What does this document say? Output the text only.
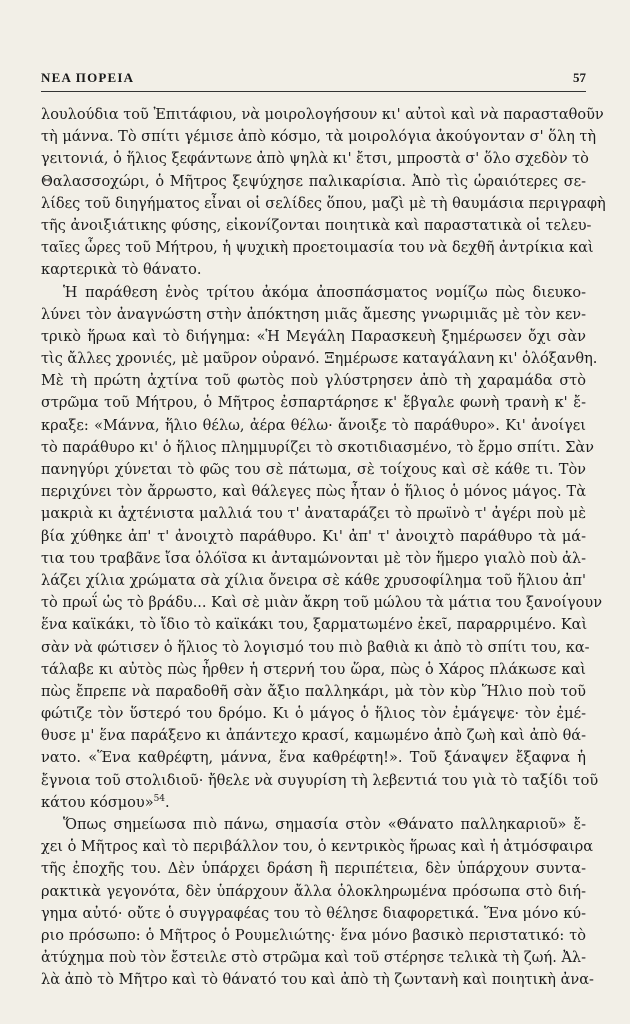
ΝΕΑ ΠΟΡΕΙΑ	57
λουλούδια τοῦ Ἐπιτάφιου, νὰ μοιρολογήσουν κι' αὐτοὶ καὶ νὰ παρασταθοῦν
τὴ μάννα. Τὸ σπίτι γέμισε ἀπὸ κόσμο, τὰ μοιρολόγια ἀκούγονταν σ' ὅλη τὴ
γειτονιά, ὁ ἥλιος ξεφάντωνε ἀπὸ ψηλὰ κι' ἔτσι, μπροστὰ σ' ὅλο σχεδὸν τὸ
Θαλασσοχώρι, ὁ Μῆτρος ξεψύχησε παλικαρίσια. Ἀπὸ τὶς ὡραιότερες σε-
λίδες τοῦ διηγήματος εἶναι οἱ σελίδες ὅπου, μαζὶ μὲ τὴ θαυμάσια περιγραφὴ
τῆς ἀνοιξιάτικης φύσης, εἰκονίζονται ποιητικὰ καὶ παραστατικὰ οἱ τελευ-
ταῖες ὧρες τοῦ Μήτρου, ἡ ψυχικὴ προετοιμασία του νὰ δεχθῆ ἀντρίκια καὶ
καρτερικὰ τὸ θάνατο.
Ἡ παράθεση ἑνὸς τρίτου ἀκόμα ἀποσπάσματος νομίζω πὼς διευκο-
λύνει τὸν ἀναγνώστη στὴν ἀπόκτηση μιᾶς ἄμεσης γνωριμιᾶς μὲ τὸν κεν-
τρικὸ ἥρωα καὶ τὸ διήγημα: «Ἡ Μεγάλη Παρασκευὴ ξημέρωσεν ὄχι σὰν
τὶς ἄλλες χρονιές, μὲ μαῦρον οὐρανό. Ξημέρωσε καταγάλανη κι' ὁλόξανθη.
Μὲ τὴ πρώτη ἀχτίνα τοῦ φωτὸς ποὺ γλύστρησεν ἀπὸ τὴ χαραμάδα στὸ
στρῶμα τοῦ Μήτρου, ὁ Μῆτρος ἐσπαρτάρησε κ' ἔβγαλε φωνὴ τρανὴ κ' ἔ-
κραξε: «Μάννα, ἥλιο θέλω, ἀέρα θέλω· ἄνοιξε τὸ παράθυρο». Κι' ἀνοίγει
τὸ παράθυρο κι' ὁ ἥλιος πλημμυρίζει τὸ σκοτιδιασμένο, τὸ ἔρμο σπίτι. Σὰν
πανηγύρι χύνεται τὸ φῶς του σὲ πάτωμα, σὲ τοίχους καὶ σὲ κάθε τι. Τὸν
περιχύνει τὸν ἄρρωστο, καὶ θάλεγες πὼς ἦταν ὁ ἥλιος ὁ μόνος μάγος. Τὰ
μακριὰ κι ἀχτένιστα μαλλιά του τ' ἀναταράζει τὸ πρωϊνὸ τ' ἀγέρι ποὺ μὲ
βία χύθηκε ἀπ' τ' ἀνοιχτὸ παράθυρο. Κι' ἀπ' τ' ἀνοιχτὸ παράθυρο τὰ μά-
τια του τραβᾶνε ἴσα ὁλόϊσα κι ἀνταμώνονται μὲ τὸν ἥμερο γιαλὸ ποὺ ἀλ-
λάζει χίλια χρώματα σὰ χίλια ὄνειρα σὲ κάθε χρυσοφίλημα τοῦ ἥλιου ἀπ'
τὸ πρωΐ ὡς τὸ βράδυ... Καὶ σὲ μιὰν ἄκρη τοῦ μώλου τὰ μάτια του ξανοίγουν
ἕνα καϊκάκι, τὸ ἴδιο τὸ καϊκάκι του, ξαρματωμένο ἐκεῖ, παραρριμένο. Καὶ
σὰν νὰ φώτισεν ὁ ἥλιος τὸ λογισμό του πιὸ βαθιὰ κι ἀπὸ τὸ σπίτι του, κα-
τάλαβε κι αὐτὸς πὼς ἦρθεν ἡ στερνή του ὥρα, πὼς ὁ Χάρος πλάκωσε καὶ
πὼς ἔπρεπε νὰ παραδοθῆ σὰν ἄξιο παλληκάρι, μὰ τὸν κὺρ Ἥλιο ποὺ τοῦ
φώτιζε τὸν ὕστερό του δρόμο. Κι ὁ μάγος ὁ ἥλιος τὸν ἐμάγεψε· τὸν ἐμέ-
θυσε μ' ἕνα παράξενο κι ἀπάντεχο κρασί, καμωμένο ἀπὸ ζωὴ καὶ ἀπὸ θά-
νατο. «Ἕνα καθρέφτη, μάννα, ἕνα καθρέφτη!». Τοῦ ξάναψεν ἔξαφνα ἡ
ἔγνοια τοῦ στολιδιοῦ· ἤθελε νὰ συγυρίση τὴ λεβεντιά του γιὰ τὸ ταξίδι τοῦ
κάτου κόσμου»$^{54}$.
Ὅπως σημείωσα πιὸ πάνω, σημασία στὸν «Θάνατο παλληκαριοῦ» ἔ-
χει ὁ Μῆτρος καὶ τὸ περιβάλλον του, ὁ κεντρικὸς ἥρωας καὶ ἡ ἀτμόσφαιρα
τῆς ἐποχῆς του. Δὲν ὑπάρχει δράση ἢ περιπέτεια, δὲν ὑπάρχουν συντα-
ρακτικὰ γεγονότα, δὲν ὑπάρχουν ἄλλα ὁλοκληρωμένα πρόσωπα στὸ διή-
γημα αὐτό· οὔτε ὁ συγγραφέας του τὸ θέλησε διαφορετικά. Ἕνα μόνο κύ-
ριο πρόσωπο: ὁ Μῆτρος ὁ Ρουμελιώτης· ἕνα μόνο βασικὸ περιστατικό: τὸ
ἀτύχημα ποὺ τὸν ἔστειλε στὸ στρῶμα καὶ τοῦ στέρησε τελικὰ τὴ ζωή. Ἀλ-
λὰ ἀπὸ τὸ Μῆτρο καὶ τὸ θάνατό του καὶ ἀπὸ τὴ ζωντανὴ καὶ ποιητικὴ ἀνα-
